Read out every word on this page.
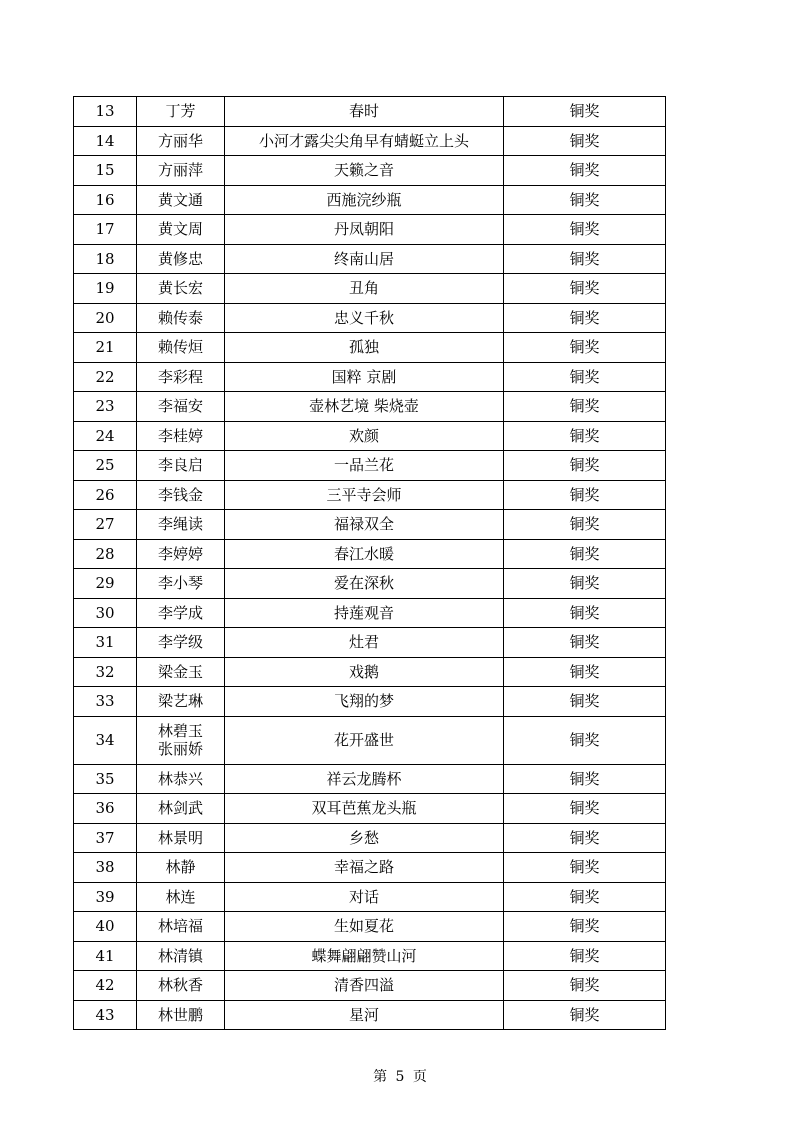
13	丁芳	春时	铜奖
14	方丽华	小河才露尖尖角早有蜻蜓立上头	铜奖
15	方丽萍	天籁之音	铜奖
16	黄文通	西施浣纱瓶	铜奖
17	黄文周	丹凤朝阳	铜奖
18	黄修忠	终南山居	铜奖
19	黄长宏	丑角	铜奖
20	赖传泰	忠义千秋	铜奖
21	赖传烜	孤独	铜奖
22	李彩程	国粹 京剧	铜奖
23	李福安	壶林艺境 柴烧壶	铜奖
24	李桂婷	欢颜	铜奖
25	李良启	一品兰花	铜奖
26	李钱金	三平寺会师	铜奖
27	李绳读	福禄双全	铜奖
28	李婷婷	春江水暖	铜奖
29	李小琴	爱在深秋	铜奖
30	李学成	持莲观音	铜奖
31	李学级	灶君	铜奖
32	梁金玉	戏鹅	铜奖
33	梁艺琳	飞翔的梦	铜奖
34	林碧玉
张丽娇	花开盛世	铜奖
35	林恭兴	祥云龙腾杯	铜奖
36	林剑武	双耳芭蕉龙头瓶	铜奖
37	林景明	乡愁	铜奖
38	林静	幸福之路	铜奖
39	林连	对话	铜奖
40	林培福	生如夏花	铜奖
41	林清镇	蝶舞翩翩赞山河	铜奖
42	林秋香	清香四溢	铜奖
43	林世鹏	星河	铜奖
第 5 页
